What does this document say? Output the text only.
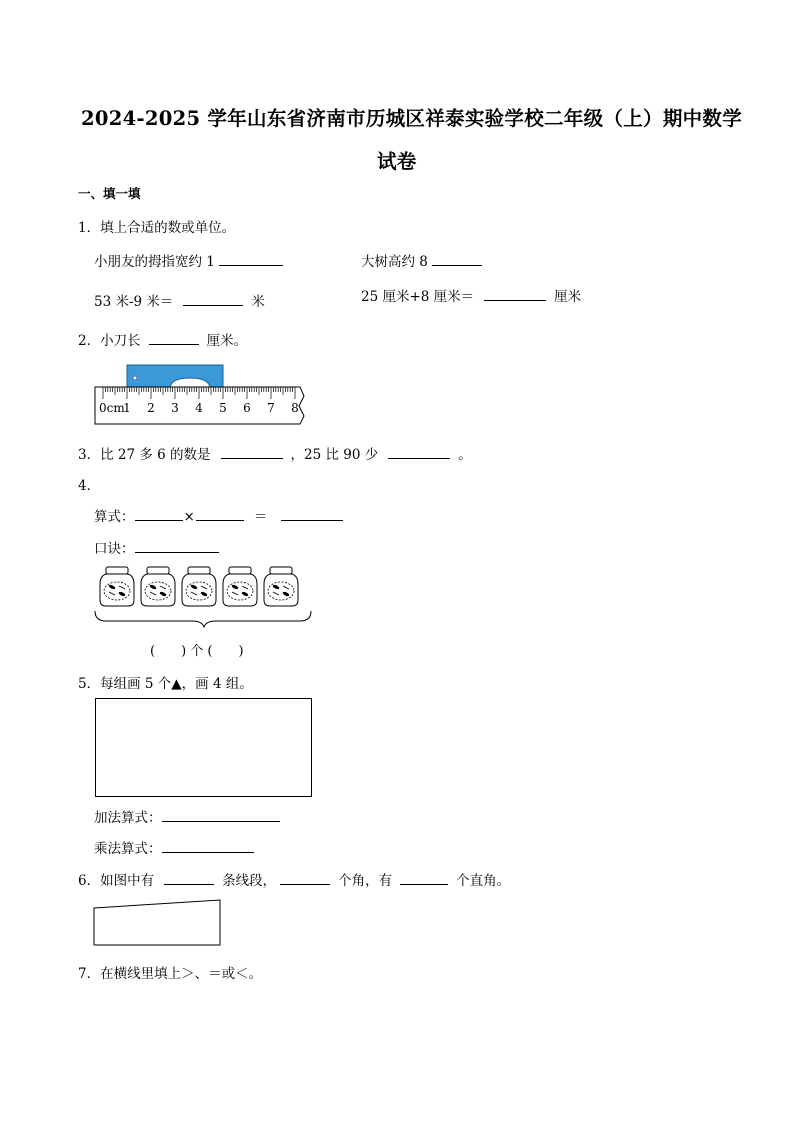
2024-2025 学年山东省济南市历城区祥泰实验学校二年级（上）期中数学
试卷
一、填一填
1．填上合适的数或单位。
小朋友的拇指宽约 1	大树高约 8
53 米-9 米＝	米	25 厘米+8 厘米＝	厘米
2．小刀长	厘米。
0cm
1 2 3 4 5 6 7 8
3．比 27 多 6 的数是	，25 比 90 少	。
4．
算式：	×	＝
口诀：
(　　) 个 (　　)
5．每组画 5 个▲，画 4 组。
加法算式：
乘法算式：
6．如图中有	条线段，	个角，有	个直角。
7．在横线里填上＞、＝或＜。
